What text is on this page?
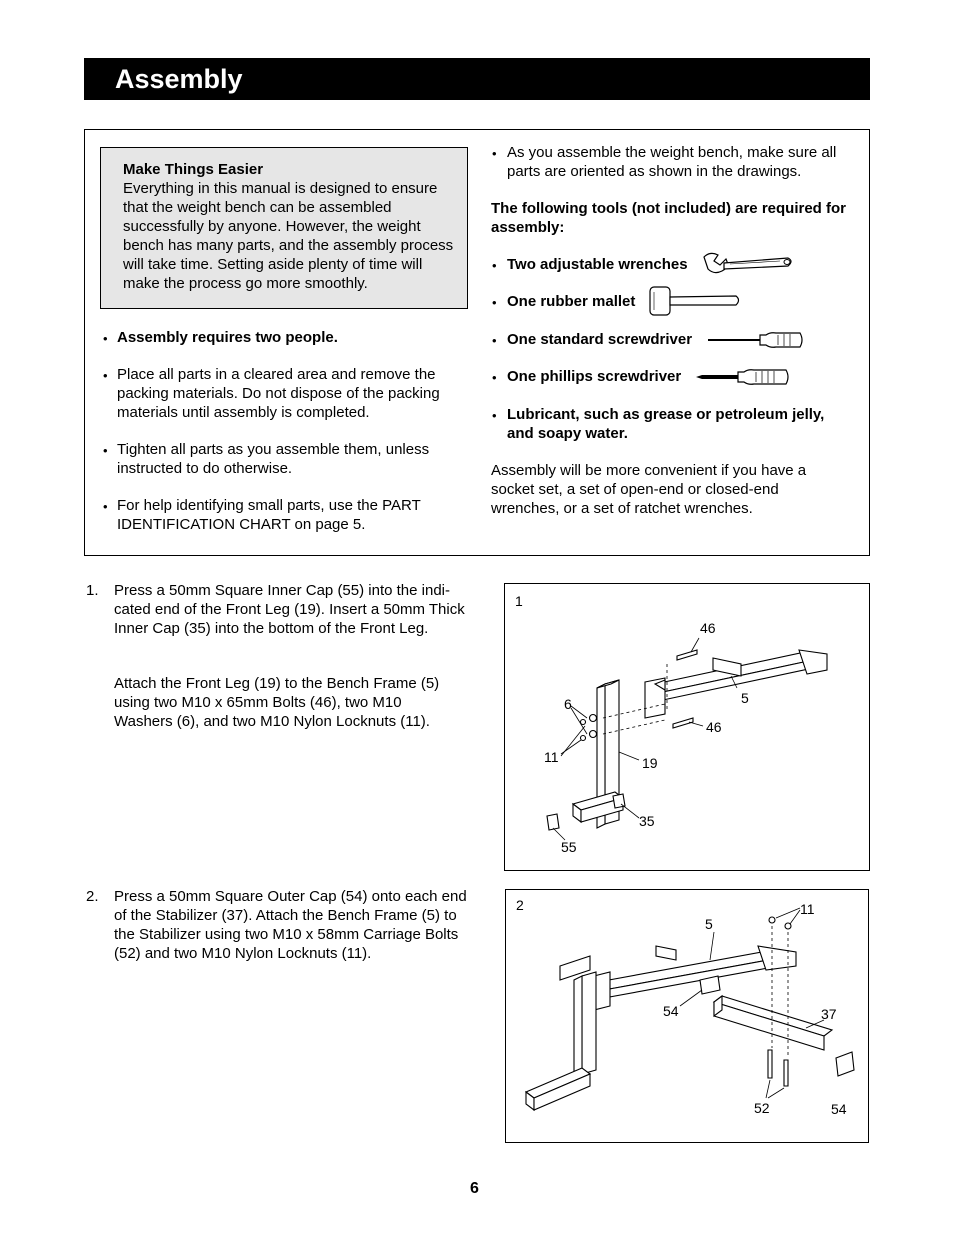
Assembly
Make Things Easier
Everything in this manual is designed to ensure that the weight bench can be assembled successfully by anyone. However, the weight bench has many parts, and the assembly process will take time. Setting aside plenty of time will make the process go more smoothly.
• Assembly requires two people.
• Place all parts in a cleared area and remove the packing materials. Do not dispose of the packing materials until assembly is completed.
• Tighten all parts as you assemble them, unless instructed to do otherwise.
• For help identifying small parts, use the PART IDENTIFICATION CHART on page 5.
• As you assemble the weight bench, make sure all parts are oriented as shown in the drawings.
The following tools (not included) are required for assembly:
• Two adjustable wrenches
• One rubber mallet
• One standard screwdriver
• One phillips screwdriver
• Lubricant, such as grease or petroleum jelly, and soapy water.
Assembly will be more convenient if you have a socket set, a set of open-end or closed-end wrenches, or a set of ratchet wrenches.
1. Press a 50mm Square Inner Cap (55) into the indi-cated end of the Front Leg (19). Insert a 50mm Thick Inner Cap (35) into the bottom of the Front Leg.
Attach the Front Leg (19) to the Bench Frame (5) using two M10 x 65mm Bolts (46), two M10 Washers (6), and two M10 Nylon Locknuts (11).
1
46
6	5
46
11	19
35
55
2. Press a 50mm Square Outer Cap (54) onto each end of the Stabilizer (37). Attach the Bench Frame (5) to the Stabilizer using two M10 x 58mm Carriage Bolts (52) and two M10 Nylon Locknuts (11).
2	11
5
54	37
52	54
6
